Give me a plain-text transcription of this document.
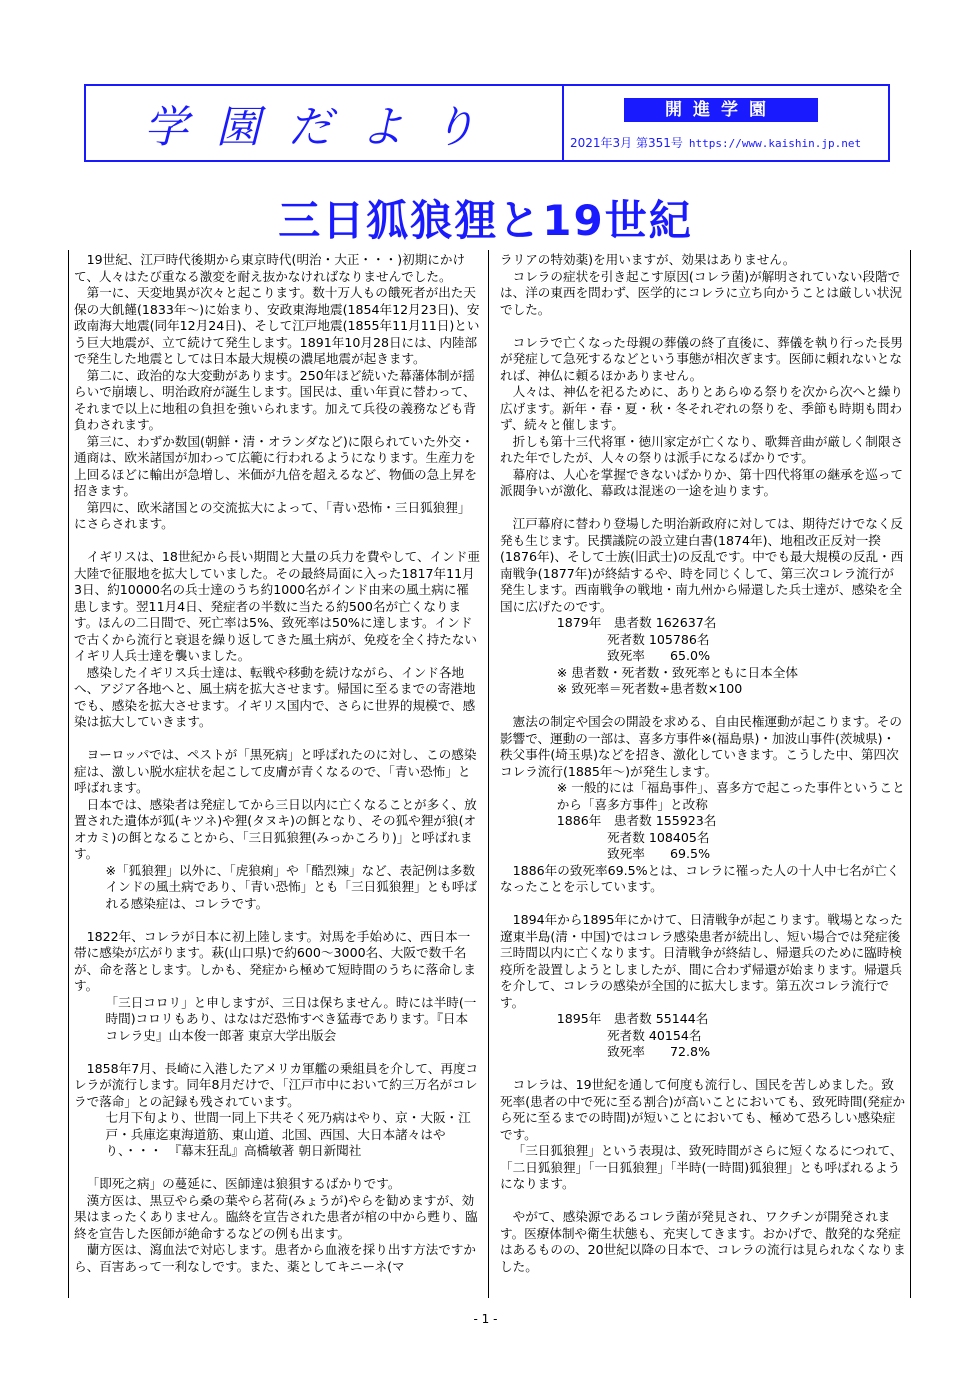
学園だより	開進学園
2021年3月 第351号 https://www.kaishin.jp.net
三日狐狼狸と19世紀

19世紀、江戸時代後期から東京時代(明治・大正・・・)初期にかけて、人々はたび重なる激変を耐え抜かなければなりませんでした。

第一に、天変地異が次々と起こります。数十万人もの餓死者が出た天保の大飢饉(1833年～)に始まり、安政東海地震(1854年12月23日)、安政南海大地震(同年12月24日)、そして江戸地震(1855年11月11日)という巨大地震が、立て続けて発生します。1891年10月28日には、内陸部で発生した地震としては日本最大規模の濃尾地震が起きます。

第二に、政治的な大変動があります。250年ほど続いた幕藩体制が揺らいで崩壊し、明治政府が誕生します。国民は、重い年貢に替わって、それまで以上に地租の負担を強いられます。加えて兵役の義務なども背負わされます。

第三に、わずか数国(朝鮮・清・オランダなど)に限られていた外交・通商は、欧米諸国が加わって広範に行われるようになります。生産力を上回るほどに輸出が急増し、米価が九倍を超えるなど、物価の急上昇を招きます。

第四に、欧米諸国との交流拡大によって、「青い恐怖・三日狐狼狸」にさらされます。

イギリスは、18世紀から長い期間と大量の兵力を費やして、インド亜大陸で征服地を拡大していました。その最終局面に入った1817年11月3日、約10000名の兵士達のうち約1000名がインド由来の風土病に罹患します。翌11月4日、発症者の半数に当たる約500名が亡くなります。ほんの二日間で、死亡率は5%、致死率は50%に達します。インドで古くから流行と衰退を繰り返してきた風土病が、免疫を全く持たないイギリ人兵士達を襲いました。

感染したイギリス兵士達は、転戦や移動を続けながら、インド各地へ、アジア各地へと、風土病を拡大させます。帰国に至るまでの寄港地でも、感染を拡大させます。イギリス国内で、さらに世界的規模で、感染は拡大していきます。

ヨーロッパでは、ペストが「黒死病」と呼ばれたのに対し、この感染症は、激しい脱水症状を起こして皮膚が青くなるので、「青い恐怖」と呼ばれます。

日本では、感染者は発症してから三日以内に亡くなることが多く、放置された遺体が狐(キツネ)や狸(タヌキ)の餌となり、その狐や狸が狼(オオカミ)の餌となることから、「三日狐狼狸(みっかころり)」と呼ばれます。

※「狐狼狸」以外に、「虎狼痢」や「酷烈辣」など、表記例は多数インドの風土病であり、「青い恐怖」とも「三日狐狼狸」とも呼ばれる感染症は、コレラです。

1822年、コレラが日本に初上陸します。対馬を手始めに、西日本一帯に感染が広がります。萩(山口県)で約600～3000名、大阪で数千名が、命を落とします。しかも、発症から極めて短時間のうちに落命します。

「三日コロリ」と申しますが、三日は保ちません。時には半時(一時間)コロリもあり、はなはだ恐怖すべき猛毒であります。『日本コレラ史』山本俊一郎著 東京大学出版会

1858年7月、長崎に入港したアメリカ軍艦の乗組員を介して、再度コレラが流行します。同年8月だけで、「江戸市中において約三万名がコレラで落命」との記録も残されています。

七月下旬より、世間一同上下共そく死乃病はやり、京・大阪・江戸・兵庫迄東海道筋、東山道、北国、西国、大日本諸々はやり、・・・　『幕末狂乱』高橋敏著 朝日新聞社

「即死之病」の蔓延に、医師達は狼狽するばかりです。

漢方医は、黒豆やら桑の葉やら茗荷(みょうが)やらを勧めますが、効果はまったくありません。臨終を宣告された患者が棺の中から甦り、臨終を宣告した医師が絶命するなどの例も出ます。

蘭方医は、瀉血法で対応します。患者から血液を採り出す方法ですから、百害あって一利なしです。また、薬としてキニーネ(マ

ラリアの特効薬)を用いますが、効果はありません。

コレラの症状を引き起こす原因(コレラ菌)が解明されていない段階では、洋の東西を問わず、医学的にコレラに立ち向かうことは厳しい状況でした。

コレラで亡くなった母親の葬儀の終了直後に、葬儀を執り行った長男が発症して急死するなどという事態が相次ぎます。医師に頼れないとなれば、神仏に頼るほかありません。

人々は、神仏を祀るために、ありとあらゆる祭りを次から次へと繰り広げます。新年・春・夏・秋・冬それぞれの祭りを、季節も時期も問わず、続々と催します。

折しも第十三代将軍・徳川家定が亡くなり、歌舞音曲が厳しく制限された年でしたが、人々の祭りは派手になるばかりです。

幕府は、人心を掌握できないばかりか、第十四代将軍の継承を巡って派閥争いが激化、幕政は混迷の一途を辿ります。

江戸幕府に替わり登場した明治新政府に対しては、期待だけでなく反発も生じます。民撰議院の設立建白書(1874年)、地租改正反対一揆(1876年)、そして士族(旧武士)の反乱です。中でも最大規模の反乱・西南戦争(1877年)が終結するや、時を同じくして、第三次コレラ流行が発生します。西南戦争の戦地・南九州から帰還した兵士達が、感染を全国に広げたのです。

1879年　患者数 162637名

　　　　死者数 105786名

　　　　致死率　　65.0%

※ 患者数・死者数・致死率ともに日本全体

※ 致死率＝死者数÷患者数×100

憲法の制定や国会の開設を求める、自由民権運動が起こります。その影響で、運動の一部は、喜多方事件※(福島県)・加波山事件(茨城県)・秩父事件(埼玉県)などを招き、激化していきます。こうした中、第四次コレラ流行(1885年～)が発生します。

※ 一般的には「福島事件」、喜多方で起こった事件ということから「喜多方事件」と改称

1886年　患者数 155923名

　　　　死者数 108405名

　　　　致死率　　69.5%

1886年の致死率69.5%とは、コレラに罹った人の十人中七名が亡くなったことを示しています。

1894年から1895年にかけて、日清戦争が起こります。戦場となった遼東半島(清・中国)ではコレラ感染患者が続出し、短い場合では発症後三時間以内に亡くなります。日清戦争が終結し、帰還兵のために臨時検疫所を設置しようとしましたが、間に合わず帰還が始まります。帰還兵を介して、コレラの感染が全国的に拡大します。第五次コレラ流行です。

1895年　患者数 55144名

　　　　死者数 40154名

　　　　致死率　　72.8%

コレラは、19世紀を通して何度も流行し、国民を苦しめました。致死率(患者の中で死に至る割合)が高いことにおいても、致死時間(発症から死に至るまでの時間)が短いことにおいても、極めて恐ろしい感染症です。

「三日狐狼狸」という表現は、致死時間がさらに短くなるにつれて、「二日狐狼狸」「一日狐狼狸」「半時(一時間)狐狼狸」とも呼ばれるようになります。

やがて、感染源であるコレラ菌が発見され、ワクチンが開発されます。医療体制や衛生状態も、充実してきます。おかげで、散発的な発症はあるものの、20世紀以降の日本で、コレラの流行は見られなくなりました。

- 1 -
